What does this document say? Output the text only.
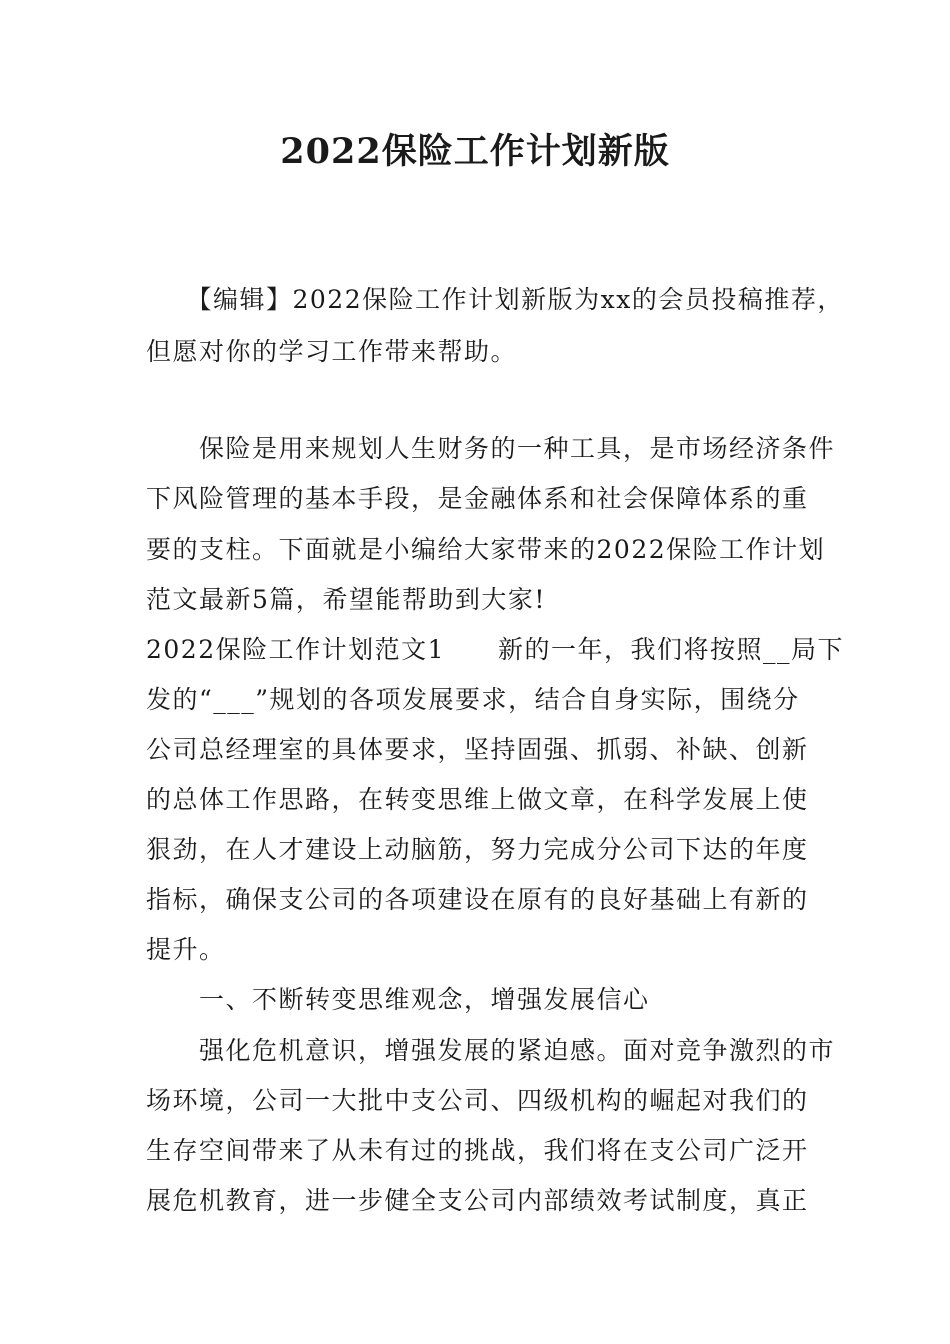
2022保险工作计划新版

　　【编辑】2022保险工作计划新版为xx的会员投稿推荐，

但愿对你的学习工作带来帮助。

　　保险是用来规划人生财务的一种工具，是市场经济条件

下风险管理的基本手段，是金融体系和社会保障体系的重

要的支柱。下面就是小编给大家带来的2022保险工作计划

范文最新5篇，希望能帮助到大家!

2022保险工作计划范文1　　新的一年，我们将按照__局下

发的“___”规划的各项发展要求，结合自身实际，围绕分

公司总经理室的具体要求，坚持固强、抓弱、补缺、创新

的总体工作思路，在转变思维上做文章，在科学发展上使

狠劲，在人才建设上动脑筋，努力完成分公司下达的年度

指标，确保支公司的各项建设在原有的良好基础上有新的

提升。

　　一、不断转变思维观念，增强发展信心

　　强化危机意识，增强发展的紧迫感。面对竞争激烈的市

场环境，公司一大批中支公司、四级机构的崛起对我们的

生存空间带来了从未有过的挑战，我们将在支公司广泛开

展危机教育，进一步健全支公司内部绩效考试制度，真正
